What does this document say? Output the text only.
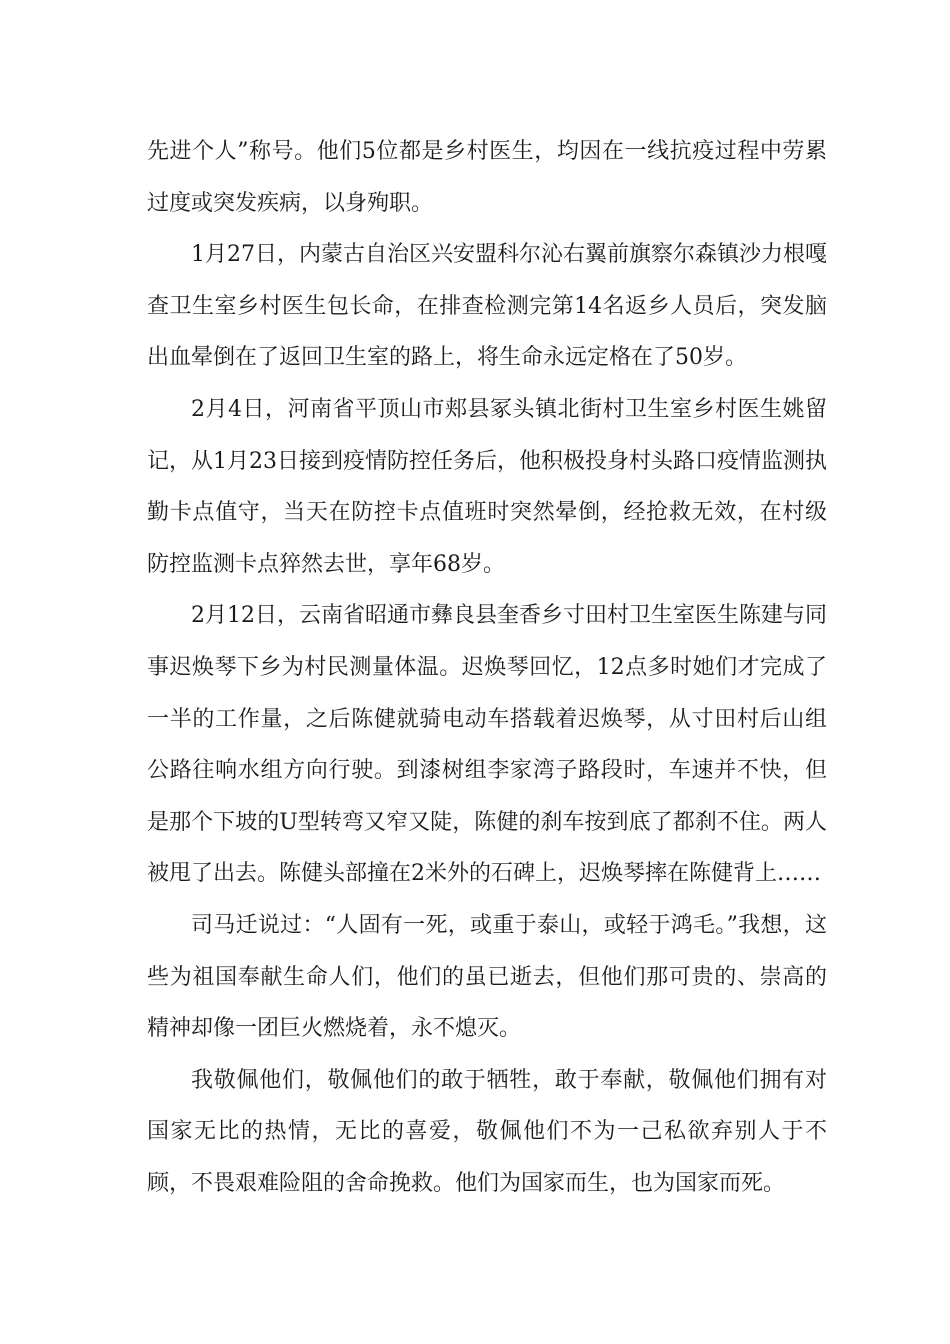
先进个人”称号。他们5位都是乡村医生，均因在一线抗疫过程中劳累过度或突发疾病，以身殉职。

1月27日，内蒙古自治区兴安盟科尔沁右翼前旗察尔森镇沙力根嘎查卫生室乡村医生包长命，在排查检测完第14名返乡人员后，突发脑出血晕倒在了返回卫生室的路上，将生命永远定格在了50岁。

2月4日，河南省平顶山市郏县冢头镇北街村卫生室乡村医生姚留记，从1月23日接到疫情防控任务后，他积极投身村头路口疫情监测执勤卡点值守，当天在防控卡点值班时突然晕倒，经抢救无效，在村级防控监测卡点猝然去世，享年68岁。

2月12日，云南省昭通市彝良县奎香乡寸田村卫生室医生陈建与同事迟焕琴下乡为村民测量体温。迟焕琴回忆，12点多时她们才完成了一半的工作量，之后陈健就骑电动车搭载着迟焕琴，从寸田村后山组公路往响水组方向行驶。到漆树组李家湾子路段时，车速并不快，但是那个下坡的U型转弯又窄又陡，陈健的刹车按到底了都刹不住。两人被甩了出去。陈健头部撞在2米外的石碑上，迟焕琴摔在陈健背上……

司马迁说过：“人固有一死，或重于泰山，或轻于鸿毛。”我想，这些为祖国奉献生命人们，他们的虽已逝去，但他们那可贵的、崇高的精神却像一团巨火燃烧着，永不熄灭。

我敬佩他们，敬佩他们的敢于牺牲，敢于奉献，敬佩他们拥有对国家无比的热情，无比的喜爱，敬佩他们不为一己私欲弃别人于不顾，不畏艰难险阻的舍命挽救。他们为国家而生，也为国家而死。
